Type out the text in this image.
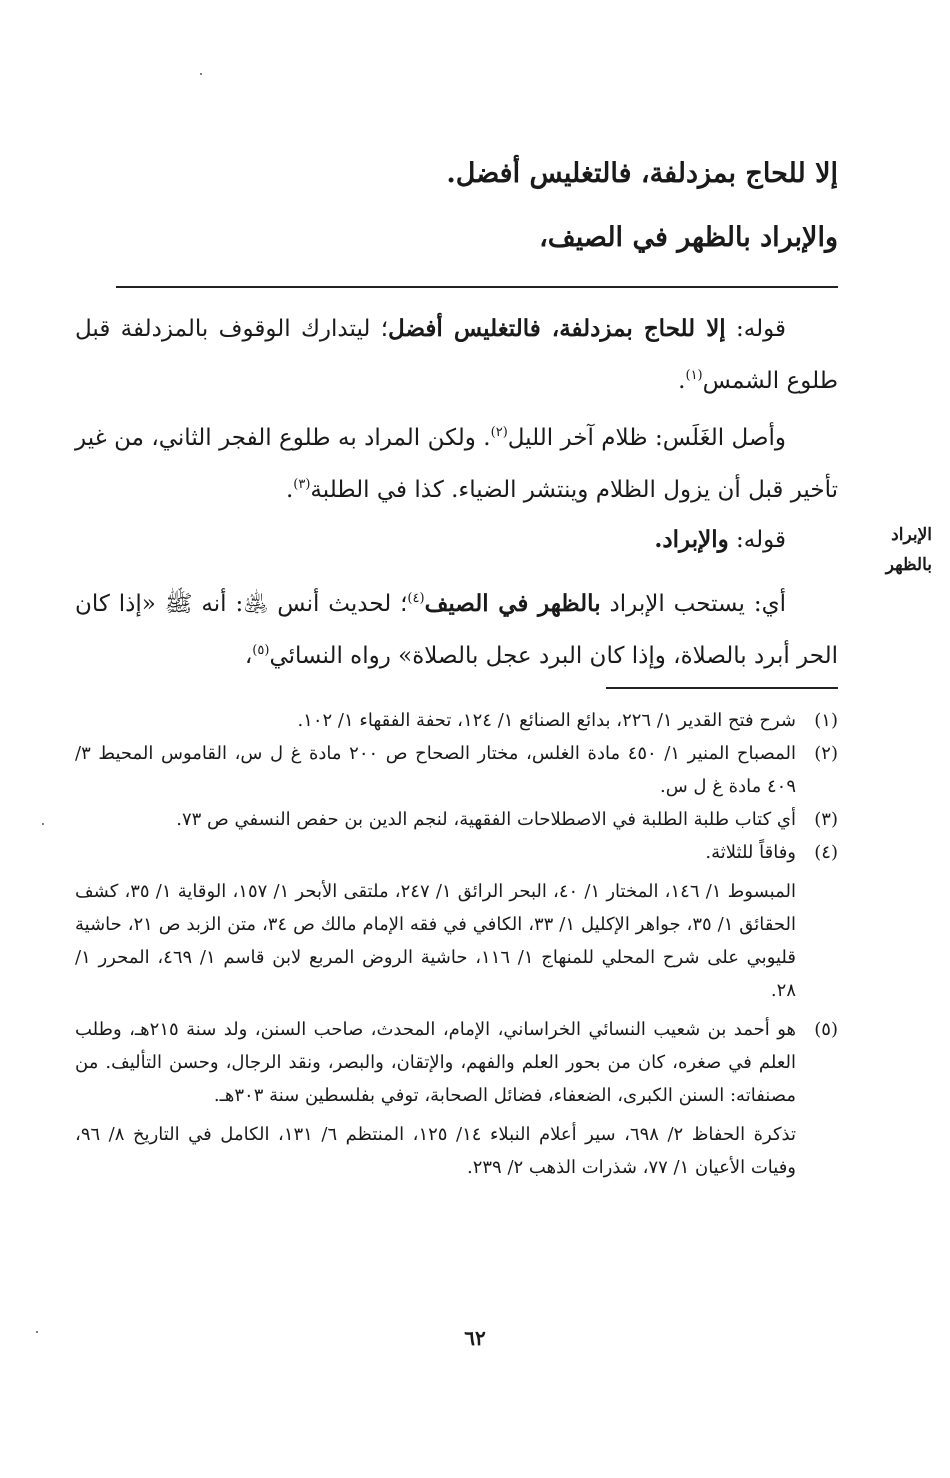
إلا للحاج بمزدلفة، فالتغليس أفضل.
والإبراد بالظهر في الصيف،
قوله: إلا للحاج بمزدلفة، فالتغليس أفضل؛ ليتدارك الوقوف بالمزدلفة قبل طلوع الشمس$^{(١)}$.
وأصل الغَلَس: ظلام آخر الليل$^{(٢)}$. ولكن المراد به طلوع الفجر الثاني، من غير تأخير قبل أن يزول الظلام وينتشر الضياء. كذا في الطلبة$^{(٣)}$.
قوله: والإبراد.
أي: يستحب الإبراد بالظهر في الصيف$^{(٤)}$؛ لحديث أنس ﵁: أنه ﷺ «إذا كان الحر أبرد بالصلاة، وإذا كان البرد عجل بالصلاة» رواه النسائي$^{(٥)}$،
الإبراد
بالظهر
(١)
شرح فتح القدير ١/ ٢٢٦، بدائع الصنائع ١/ ١٢٤، تحفة الفقهاء ١/ ١٠٢.
(٢)
المصباح المنير ١/ ٤٥٠ مادة الغلس، مختار الصحاح ص ٢٠٠ مادة غ ل س، القاموس المحيط ٣/ ٤٠٩ مادة غ ل س.
(٣)
أي كتاب طلبة الطلبة في الاصطلاحات الفقهية، لنجم الدين بن حفص النسفي ص ٧٣.
(٤)
وفاقاً للثلاثة.
المبسوط ١/ ١٤٦، المختار ١/ ٤٠، البحر الرائق ١/ ٢٤٧، ملتقى الأبحر ١/ ١٥٧، الوقاية ١/ ٣٥، كشف الحقائق ١/ ٣٥، جواهر الإكليل ١/ ٣٣، الكافي في فقه الإمام مالك ص ٣٤، متن الزبد ص ٢١، حاشية قليوبي على شرح المحلي للمنهاج ١/ ١١٦، حاشية الروض المربع لابن قاسم ١/ ٤٦٩، المحرر ١/ ٢٨.
(٥)
هو أحمد بن شعيب النسائي الخراساني، الإمام، المحدث، صاحب السنن، ولد سنة ٢١٥هـ، وطلب العلم في صغره، كان من بحور العلم والفهم، والإتقان، والبصر، ونقد الرجال، وحسن التأليف. من مصنفاته: السنن الكبرى، الضعفاء، فضائل الصحابة، توفي بفلسطين سنة ٣٠٣هـ.
تذكرة الحفاظ ٢/ ٦٩٨، سير أعلام النبلاء ١٤/ ١٢٥، المنتظم ٦/ ١٣١، الكامل في التاريخ ٨/ ٩٦، وفيات الأعيان ١/ ٧٧، شذرات الذهب ٢/ ٢٣٩.
٦٢
